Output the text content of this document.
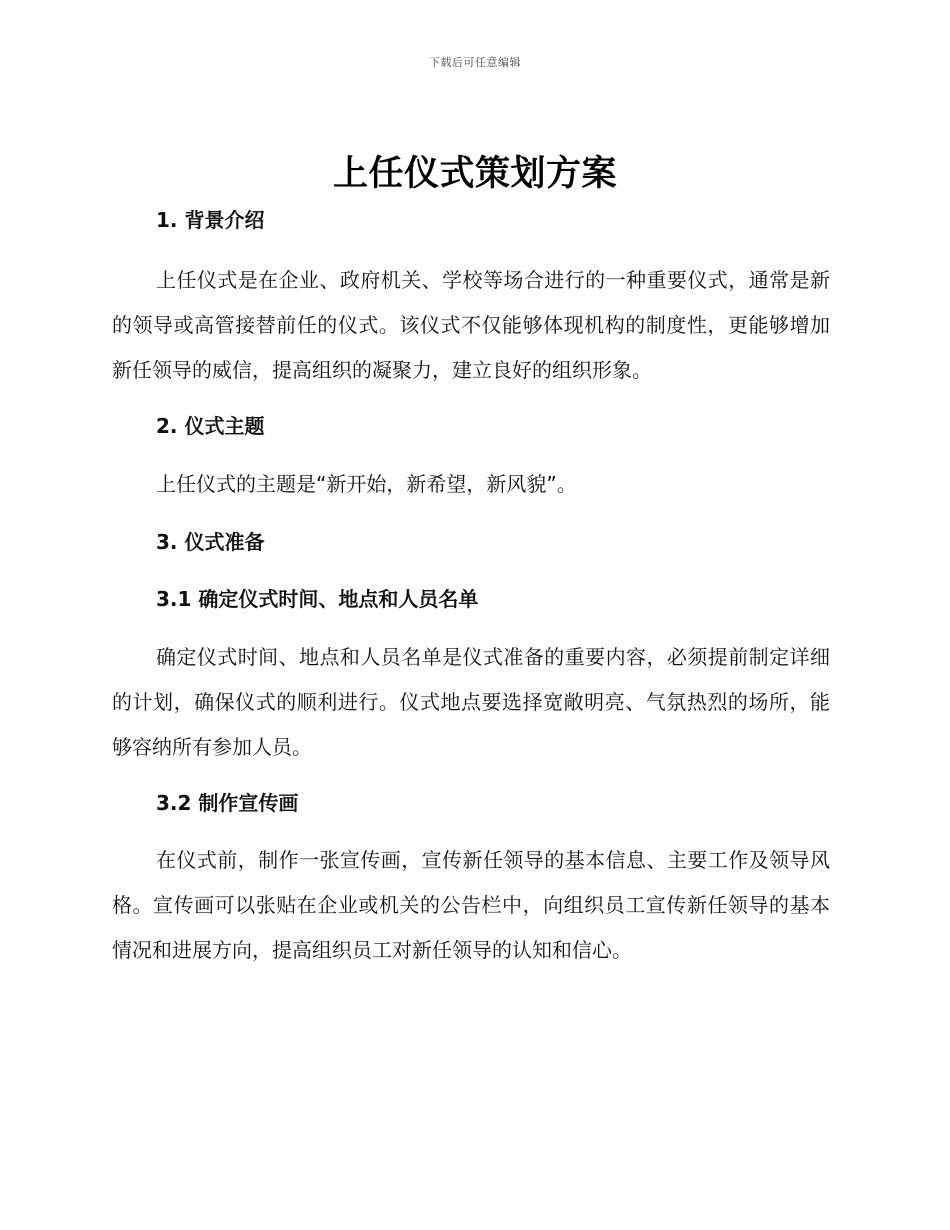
下载后可任意编辑
上任仪式策划方案
1. 背景介绍
上任仪式是在企业、政府机关、学校等场合进行的一种重要仪式，通常是新的领导或高管接替前任的仪式。该仪式不仅能够体现机构的制度性，更能够增加新任领导的威信，提高组织的凝聚力，建立良好的组织形象。
2. 仪式主题
上任仪式的主题是“新开始，新希望，新风貌”。
3. 仪式准备
3.1 确定仪式时间、地点和人员名单
确定仪式时间、地点和人员名单是仪式准备的重要内容，必须提前制定详细的计划，确保仪式的顺利进行。仪式地点要选择宽敞明亮、气氛热烈的场所，能够容纳所有参加人员。
3.2 制作宣传画
在仪式前，制作一张宣传画，宣传新任领导的基本信息、主要工作及领导风格。宣传画可以张贴在企业或机关的公告栏中，向组织员工宣传新任领导的基本情况和进展方向，提高组织员工对新任领导的认知和信心。
